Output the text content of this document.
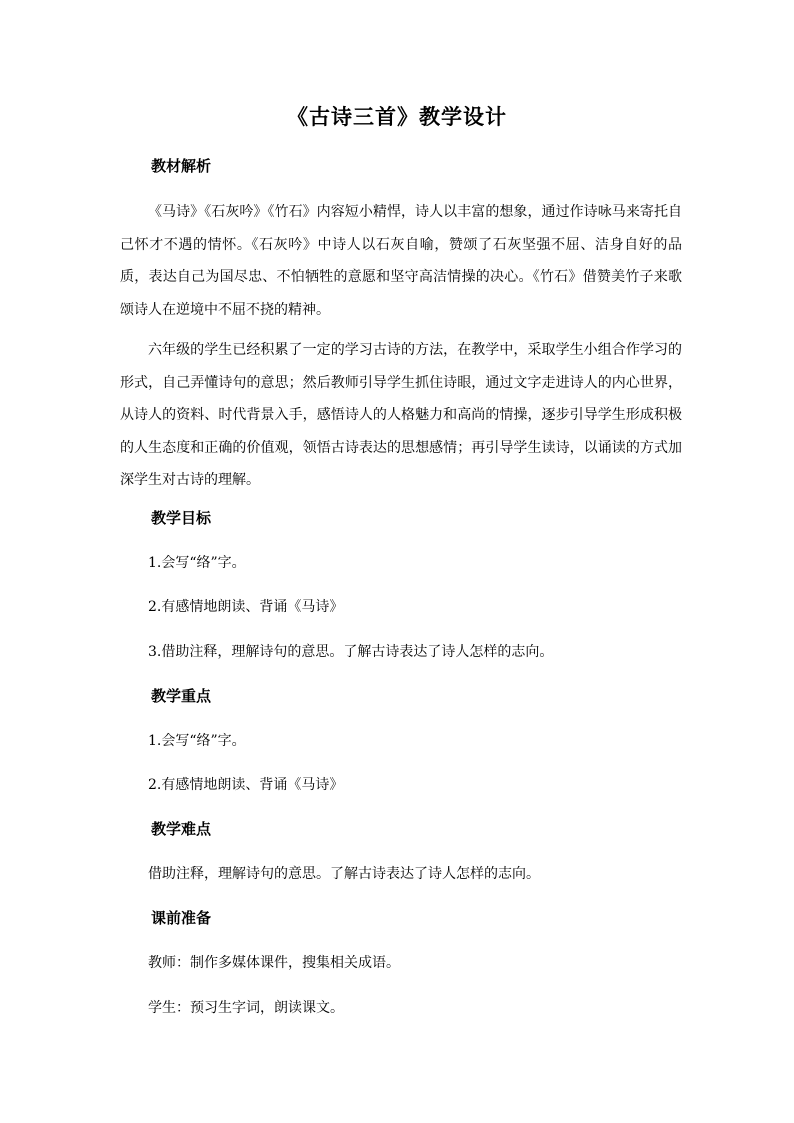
《古诗三首》教学设计
教材解析

《马诗》《石灰吟》《竹石》内容短小精悍，诗人以丰富的想象，通过作诗咏马来寄托自己怀才不遇的情怀。《石灰吟》中诗人以石灰自喻，赞颂了石灰坚强不屈、洁身自好的品质，表达自己为国尽忠、不怕牺牲的意愿和坚守高洁情操的决心。《竹石》借赞美竹子来歌颂诗人在逆境中不屈不挠的精神。

六年级的学生已经积累了一定的学习古诗的方法，在教学中，采取学生小组合作学习的形式，自己弄懂诗句的意思；然后教师引导学生抓住诗眼，通过文字走进诗人的内心世界，从诗人的资料、时代背景入手，感悟诗人的人格魅力和高尚的情操，逐步引导学生形成积极的人生态度和正确的价值观，领悟古诗表达的思想感情；再引导学生读诗，以诵读的方式加深学生对古诗的理解。

教学目标

1.会写“络”字。

2.有感情地朗读、背诵《马诗》

3.借助注释，理解诗句的意思。了解古诗表达了诗人怎样的志向。

教学重点

1.会写“络”字。

2.有感情地朗读、背诵《马诗》

教学难点

借助注释，理解诗句的意思。了解古诗表达了诗人怎样的志向。

课前准备

教师：制作多媒体课件，搜集相关成语。

学生：预习生字词，朗读课文。
